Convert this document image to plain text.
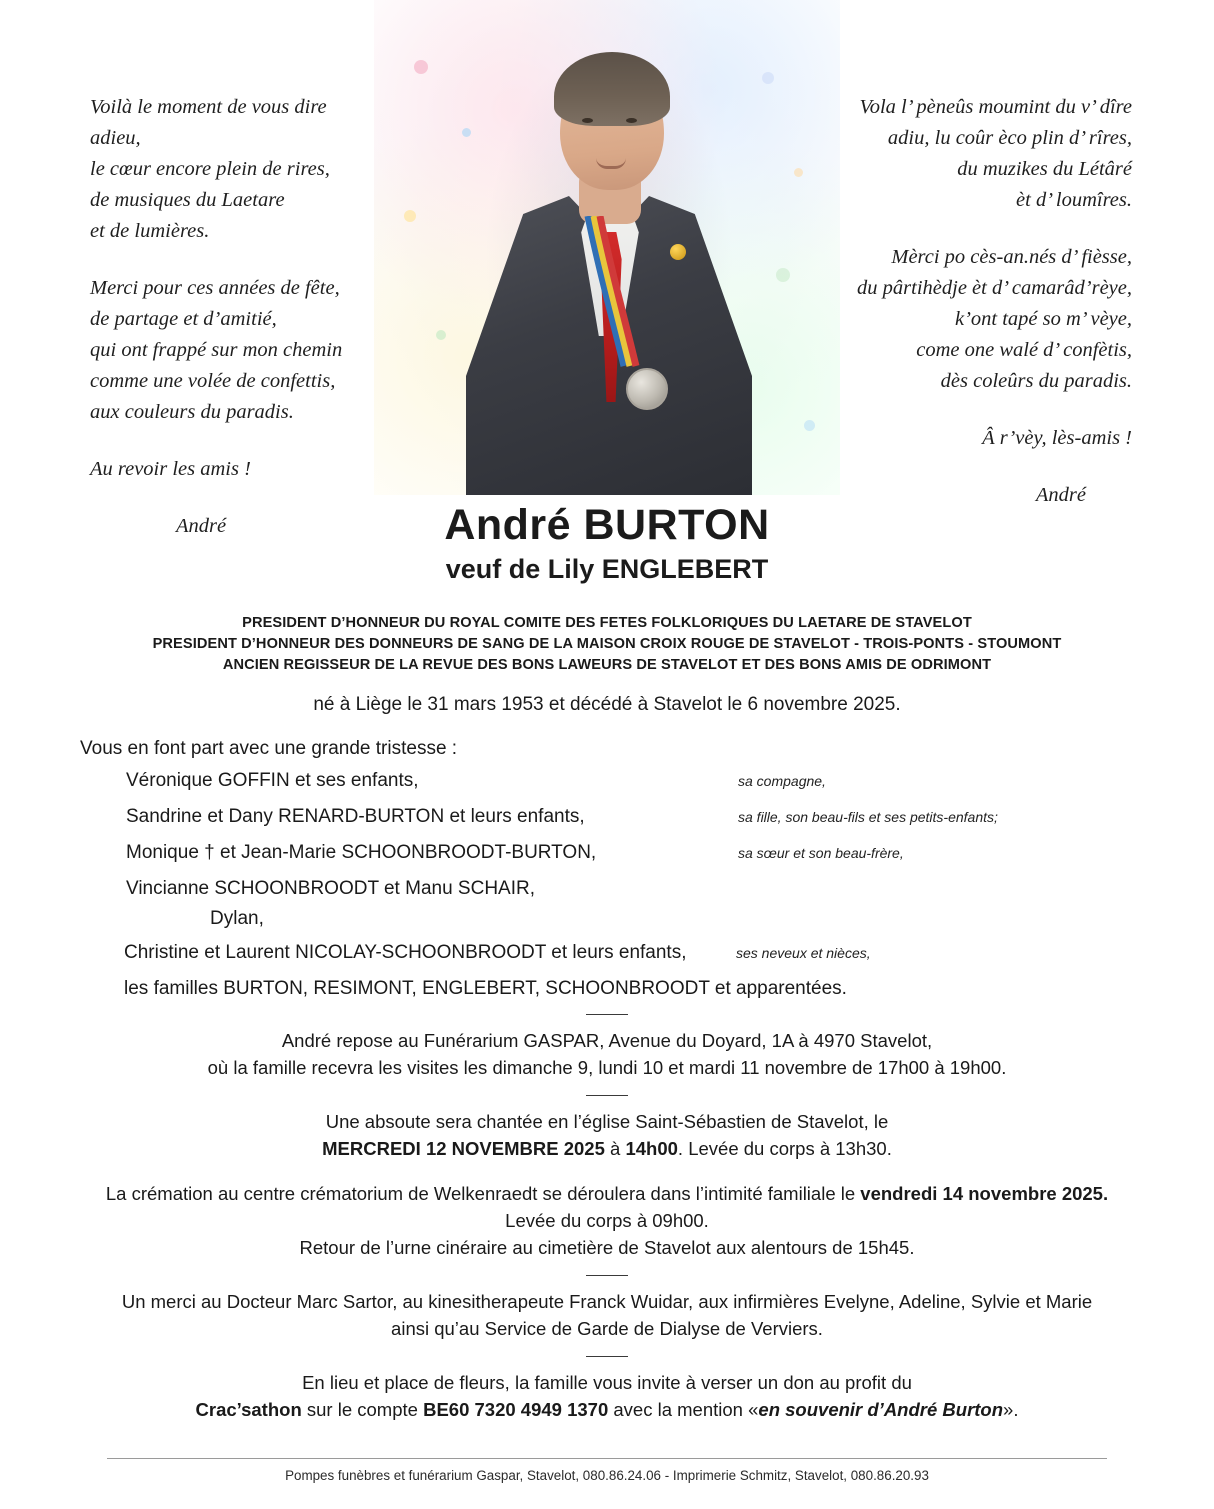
Voilà le moment de vous dire adieu,
le cœur encore plein de rires,
de musiques du Laetare
et de lumières.

Merci pour ces années de fête,
de partage et d’amitié,
qui ont frappé sur mon chemin
comme une volée de confettis,
aux couleurs du paradis.

Au revoir les amis !

André

Vola l’ pèneûs moumint du v’ dîre
adiu, lu coûr èco plin d’ rîres,
du muzikes du Létâré
èt d’ loumîres.

Mèrci po cès-an.nés d’ fièsse,
du pârtihèdje èt d’ camarâd’rèye,
k’ont tapé so m’ vèye,
come one walé d’ confètis,
dès coleûrs du paradis.

Â r’vèy, lès-amis !

André

André BURTON
veuf de Lily ENGLEBERT
PRESIDENT D’HONNEUR DU ROYAL COMITE DES FETES FOLKLORIQUES DU LAETARE DE STAVELOT
PRESIDENT D’HONNEUR DES DONNEURS DE SANG DE LA MAISON CROIX ROUGE DE STAVELOT - TROIS-PONTS - STOUMONT
ANCIEN REGISSEUR DE LA REVUE DES BONS LAWEURS DE STAVELOT ET DES BONS AMIS DE ODRIMONT
né à Liège le 31 mars 1953 et décédé à Stavelot le 6 novembre 2025.
Vous en font part avec une grande tristesse :
Véronique GOFFIN et ses enfants,	sa compagne,
Sandrine et Dany RENARD-BURTON et leurs enfants,	sa fille, son beau-fils et ses petits-enfants;
Monique † et Jean-Marie SCHOONBROODT-BURTON,	sa sœur et son beau-frère,
Vincianne SCHOONBROODT et Manu SCHAIR,
Dylan,
Christine et Laurent NICOLAY-SCHOONBROODT et leurs enfants,	ses neveux et nièces,
les familles BURTON, RESIMONT, ENGLEBERT, SCHOONBROODT et apparentées.
André repose au Funérarium GASPAR, Avenue du Doyard, 1A à 4970 Stavelot,
où la famille recevra les visites les dimanche 9, lundi 10 et mardi 11 novembre de 17h00 à 19h00.
Une absoute sera chantée en l’église Saint-Sébastien de Stavelot, le
MERCREDI 12 NOVEMBRE 2025 à 14h00. Levée du corps à 13h30.
La crémation au centre crématorium de Welkenraedt se déroulera dans l’intimité familiale le vendredi 14 novembre 2025.
Levée du corps à 09h00.
Retour de l’urne cinéraire au cimetière de Stavelot aux alentours de 15h45.
Un merci au Docteur Marc Sartor, au kinesitherapeute Franck Wuidar, aux infirmières Evelyne, Adeline, Sylvie et Marie
ainsi qu’au Service de Garde de Dialyse de Verviers.
En lieu et place de fleurs, la famille vous invite à verser un don au profit du
Crac’sathon sur le compte BE60 7320 4949 1370 avec la mention «en souvenir d’André Burton».
Pompes funèbres et funérarium Gaspar, Stavelot, 080.86.24.06 - Imprimerie Schmitz, Stavelot, 080.86.20.93
